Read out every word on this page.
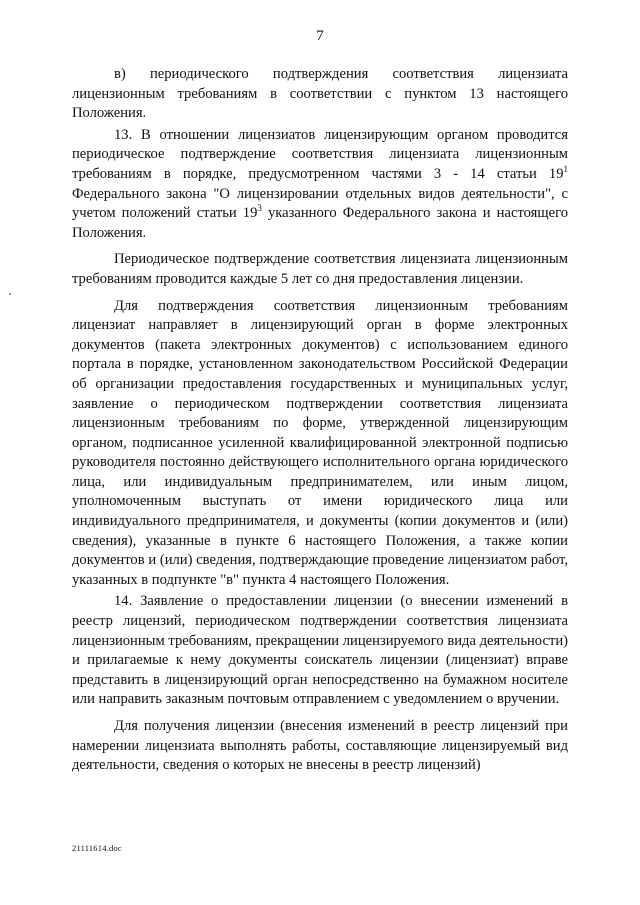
7

в) периодического подтверждения соответствия лицензиата лицензионным требованиям в соответствии с пунктом 13 настоящего Положения.

13. В отношении лицензиатов лицензирующим органом проводится периодическое подтверждение соответствия лицензиата лицензионным требованиям в порядке, предусмотренном частями 3 - 14 статьи $19^1$ Федерального закона "О лицензировании отдельных видов деятельности", с учетом положений статьи $19^3$ указанного Федерального закона и настоящего Положения.

Периодическое подтверждение соответствия лицензиата лицензионным требованиям проводится каждые 5 лет со дня предоставления лицензии.

Для подтверждения соответствия лицензионным требованиям лицензиат направляет в лицензирующий орган в форме электронных документов (пакета электронных документов) с использованием единого портала в порядке, установленном законодательством Российской Федерации об организации предоставления государственных и муниципальных услуг, заявление о периодическом подтверждении соответствия лицензиата лицензионным требованиям по форме, утвержденной лицензирующим органом, подписанное усиленной квалифицированной электронной подписью руководителя постоянно действующего исполнительного органа юридического лица, или индивидуальным предпринимателем, или иным лицом, уполномоченным выступать от имени юридического лица или индивидуального предпринимателя, и документы (копии документов и (или) сведения), указанные в пункте 6 настоящего Положения, а также копии документов и (или) сведения, подтверждающие проведение лицензиатом работ, указанных в подпункте "в" пункта 4 настоящего Положения.

14. Заявление о предоставлении лицензии (о внесении изменений в реестр лицензий, периодическом подтверждении соответствия лицензиата лицензионным требованиям, прекращении лицензируемого вида деятельности) и прилагаемые к нему документы соискатель лицензии (лицензиат) вправе представить в лицензирующий орган непосредственно на бумажном носителе или направить заказным почтовым отправлением с уведомлением о вручении.

Для получения лицензии (внесения изменений в реестр лицензий при намерении лицензиата выполнять работы, составляющие лицензируемый вид деятельности, сведения о которых не внесены в реестр лицензий)

21111614.doc
